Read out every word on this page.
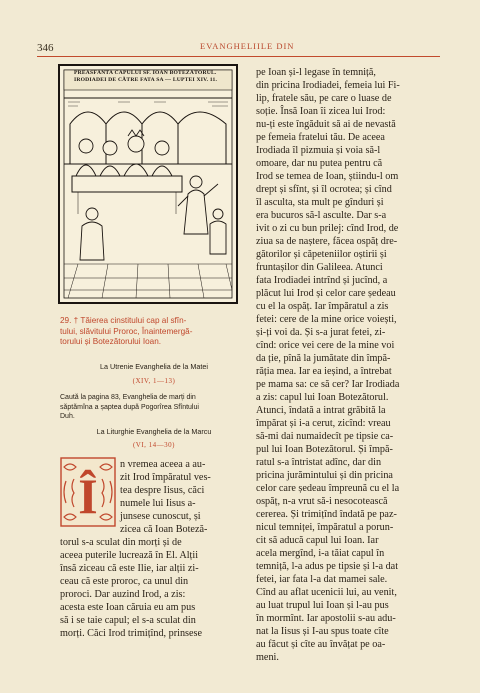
346	EVANGHELIILE DIN
PREASFÂNTA CAPULUI SF. IOAN BOTEZĂTORUL.
IRODIADEI DE CĂTRE FATA SA ~~ LUPTEI XIV. 11.
29. † Tăierea cinstitului cap al sfîn-
tului, slăvitului Proroc, Înaintemergă-
torului și Botezătorului Ioan.
La Utrenie Evanghelia de la Matei
(XIV, 1—13)
Caută la pagina 83, Evanghelia de marți din
săptămîna a șaptea după Pogorîrea Sfîntului
Duh.
La Liturghie Evanghelia de la Marcu
(VI, 14—30)
Î
n vremea aceea a au-
zit Irod împăratul ves-
tea despre Iisus, căci
numele lui Iisus a-
junsese cunoscut, și
zicea că Ioan Boteză-
torul s-a sculat din morți și de
aceea puterile lucrează în El. Alții
însă ziceau că este Ilie, iar alții zi-
ceau că este proroc, ca unul din
proroci. Dar auzind Irod, a zis:
acesta este Ioan căruia eu am pus
să i se taie capul; el s-a sculat din
morți. Căci Irod trimițînd, prinsese
pe Ioan și-l legase în temniță,
din pricina Irodiadei, femeia lui Fi-
lip, fratele său, pe care o luase de
soție. Însă Ioan îi zicea lui Irod:
nu-ți este îngăduit să ai de nevastă
pe femeia fratelui tău. De aceea
Irodiada îl pizmuia și voia să-l
omoare, dar nu putea pentru că
Irod se temea de Ioan, știindu-l om
drept și sfînt, și îl ocrotea; și cînd
îl asculta, sta mult pe gînduri și
era bucuros să-l asculte. Dar s-a
ivit o zi cu bun prilej: cînd Irod, de
ziua sa de naștere, făcea ospăț dre-
gătorilor și căpeteniilor oștirii și
fruntașilor din Galileea. Atunci
fata Irodiadei intrînd și jucînd, a
plăcut lui Irod și celor care ședeau
cu el la ospăț. Iar împăratul a zis
fetei: cere de la mine orice voiești,
și-ți voi da. Și s-a jurat fetei, zi-
cînd: orice vei cere de la mine voi
da ție, pînă la jumătate din împă-
răția mea. Iar ea ieșind, a întrebat
pe mama sa: ce să cer? Iar Irodiada
a zis: capul lui Ioan Botezătorul.
Atunci, îndată a intrat grăbită la
împărat și i-a cerut, zicînd: vreau
să-mi dai numaidecît pe tipsie ca-
pul lui Ioan Botezătorul. Și împă-
ratul s-a întristat adînc, dar din
pricina jurămintului și din pricina
celor care ședeau împreună cu el la
ospăț, n-a vrut să-i nesocotească
cererea. Și trimițînd îndată pe paz-
nicul temniței, împăratul a porun-
cit să aducă capul lui Ioan. Iar
acela mergînd, i-a tăiat capul în
temniță, l-a adus pe tipsie și l-a dat
fetei, iar fata l-a dat mamei sale.
Cînd au aflat ucenicii lui, au venit,
au luat trupul lui Ioan și l-au pus
în mormînt. Iar apostolii s-au adu-
nat la Iisus și I-au spus toate cîte
au făcut și cîte au învățat pe oa-
meni.
